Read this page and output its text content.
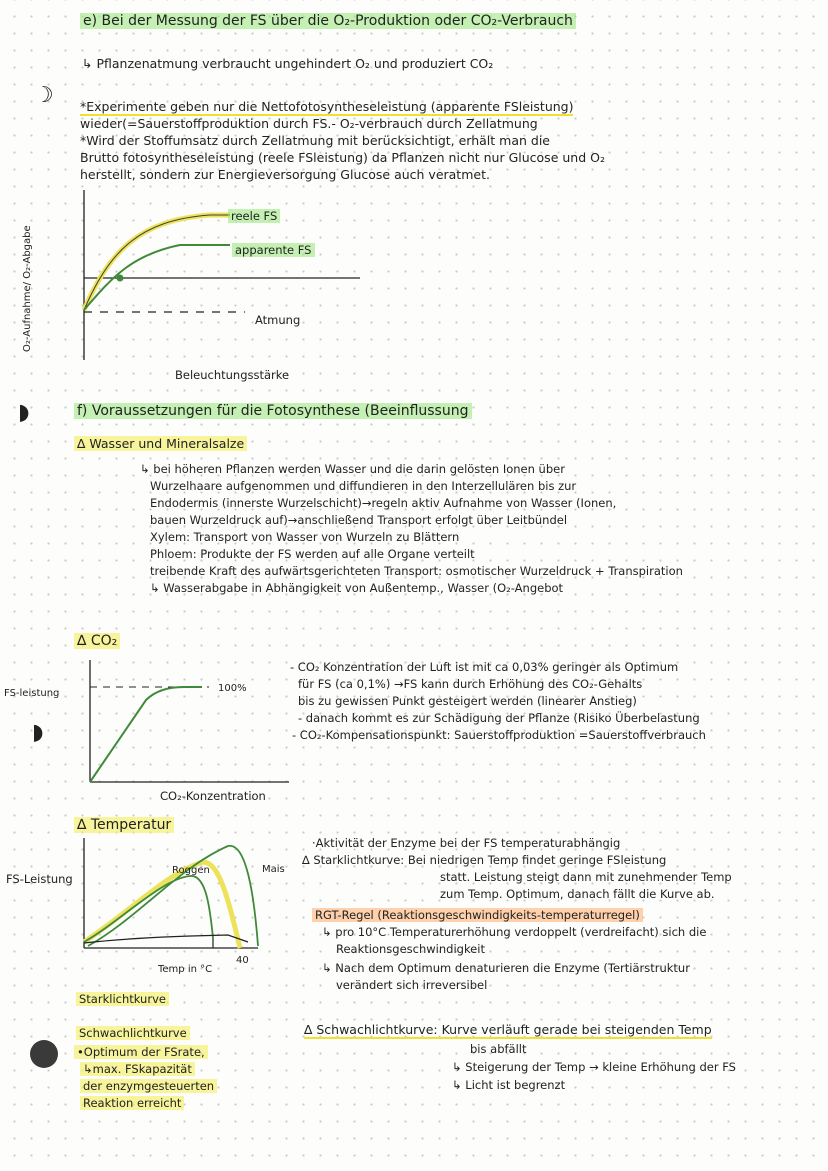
e) Bei der Messung der FS über die O₂-Produktion oder CO₂-Verbrauch
↳ Pflanzenatmung verbraucht ungehindert O₂ und produziert CO₂
☽ *Experimente geben nur die Nettofotosyntheseleistung (apparente FSleistung)
wieder(=Sauerstoffproduktion durch FS.- O₂-verbrauch durch Zellatmung
*Wird der Stoffumsatz durch Zellatmung mit berücksichtigt, erhält man die
Brutto fotosyntheseleistung (reele FSleistung) da Pflanzen nicht nur Glucose und O₂
herstellt, sondern zur Energieversorgung Glucose auch veratmet.
O₂-Aufnahme/ O₂-Abgabe
reele FS
apparente FS
Atmung
Beleuchtungsstärke
◗	f) Voraussetzungen für die Fotosynthese (Beeinflussung
∆ Wasser und Mineralsalze
↳ bei höheren Pflanzen werden Wasser und die darin gelösten Ionen über
Wurzelhaare aufgenommen und diffundieren in den Interzellulären bis zur
Endodermis (innerste Wurzelschicht)→regeln aktiv Aufnahme von Wasser (Ionen,
bauen Wurzeldruck auf)→anschließend Transport erfolgt über Leitbündel
Xylem: Transport von Wasser von Wurzeln zu Blättern
Phloem: Produkte der FS werden auf alle Organe verteilt
treibende Kraft des aufwärtsgerichteten Transport: osmotischer Wurzeldruck + Transpiration
↳ Wasserabgabe in Abhängigkeit von Außentemp., Wasser (O₂-Angebot
∆ CO₂
FS-leistung
◗
100%
CO₂-Konzentration
- CO₂ Konzentration der Luft ist mit ca 0,03% geringer als Optimum
für FS (ca 0,1%) →FS kann durch Erhöhung des CO₂-Gehalts
bis zu gewissen Punkt gesteigert werden (linearer Anstieg)
- danach kommt es zur Schädigung der Pflanze (Risiko Überbelastung
- CO₂-Kompensationspunkt: Sauerstoffproduktion =Sauerstoffverbrauch
∆ Temperatur
FS-Leistung
Roggen	Mais
40
Temp in °C
·Aktivität der Enzyme bei der FS temperaturabhängig
∆ Starklichtkurve: Bei niedrigen Temp findet geringe FSleistung
statt. Leistung steigt dann mit zunehmender Temp
zum Temp. Optimum, danach fällt die Kurve ab.
RGT-Regel (Reaktionsgeschwindigkeits-temperaturregel)
↳ pro 10°C Temperaturerhöhung verdoppelt (verdreifacht) sich die
Reaktionsgeschwindigkeit
↳ Nach dem Optimum denaturieren die Enzyme (Tertiärstruktur
verändert sich irreversibel
Starklichtkurve
Schwachlichtkurve
•Optimum der FSrate,
↳max. FSkapazität
der enzymgesteuerten
Reaktion erreicht
∆ Schwachlichtkurve: Kurve verläuft gerade bei steigenden Temp
bis abfällt
↳ Steigerung der Temp → kleine Erhöhung der FS
↳ Licht ist begrenzt
